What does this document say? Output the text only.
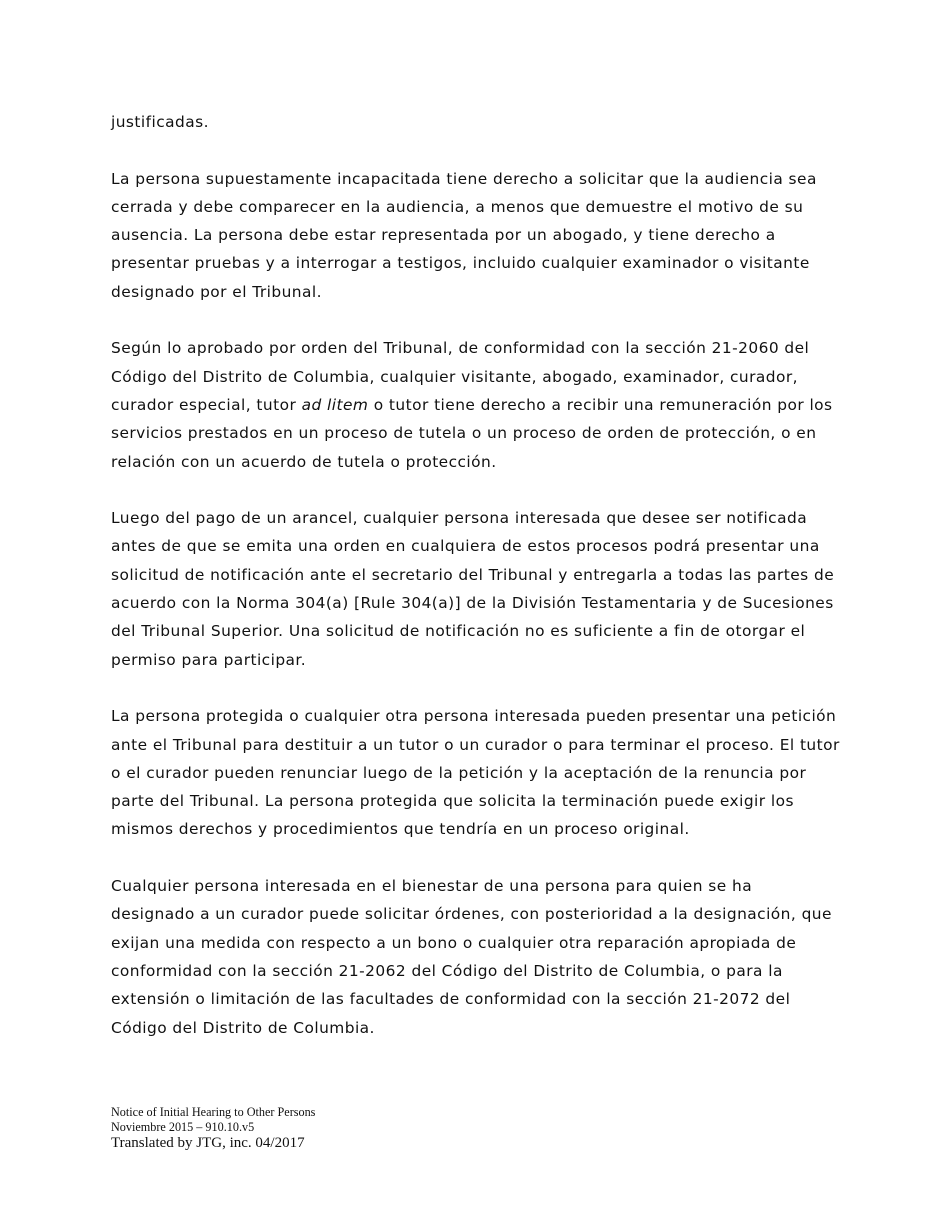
justificadas.

La persona supuestamente incapacitada tiene derecho a solicitar que la audiencia sea cerrada y debe comparecer en la audiencia, a menos que demuestre el motivo de su ausencia. La persona debe estar representada por un abogado, y tiene derecho a presentar pruebas y a interrogar a testigos, incluido cualquier examinador o visitante designado por el Tribunal.

Según lo aprobado por orden del Tribunal, de conformidad con la sección 21-2060 del Código del Distrito de Columbia, cualquier visitante, abogado, examinador, curador, curador especial, tutor ad litem o tutor tiene derecho a recibir una remuneración por los servicios prestados en un proceso de tutela o un proceso de orden de protección, o en relación con un acuerdo de tutela o protección.

Luego del pago de un arancel, cualquier persona interesada que desee ser notificada antes de que se emita una orden en cualquiera de estos procesos podrá presentar una solicitud de notificación ante el secretario del Tribunal y entregarla a todas las partes de acuerdo con la Norma 304(a) [Rule 304(a)] de la División Testamentaria y de Sucesiones del Tribunal Superior. Una solicitud de notificación no es suficiente a fin de otorgar el permiso para participar.

La persona protegida o cualquier otra persona interesada pueden presentar una petición ante el Tribunal para destituir a un tutor o un curador o para terminar el proceso. El tutor o el curador pueden renunciar luego de la petición y la aceptación de la renuncia por parte del Tribunal. La persona protegida que solicita la terminación puede exigir los mismos derechos y procedimientos que tendría en un proceso original.

Cualquier persona interesada en el bienestar de una persona para quien se ha designado a un curador puede solicitar órdenes, con posterioridad a la designación, que exijan una medida con respecto a un bono o cualquier otra reparación apropiada de conformidad con la sección 21-2062 del Código del Distrito de Columbia, o para la extensión o limitación de las facultades de conformidad con la sección 21-2072 del Código del Distrito de Columbia.

Notice of Initial Hearing to Other Persons
Noviembre 2015 – 910.10.v5
Translated by JTG, inc. 04/2017
